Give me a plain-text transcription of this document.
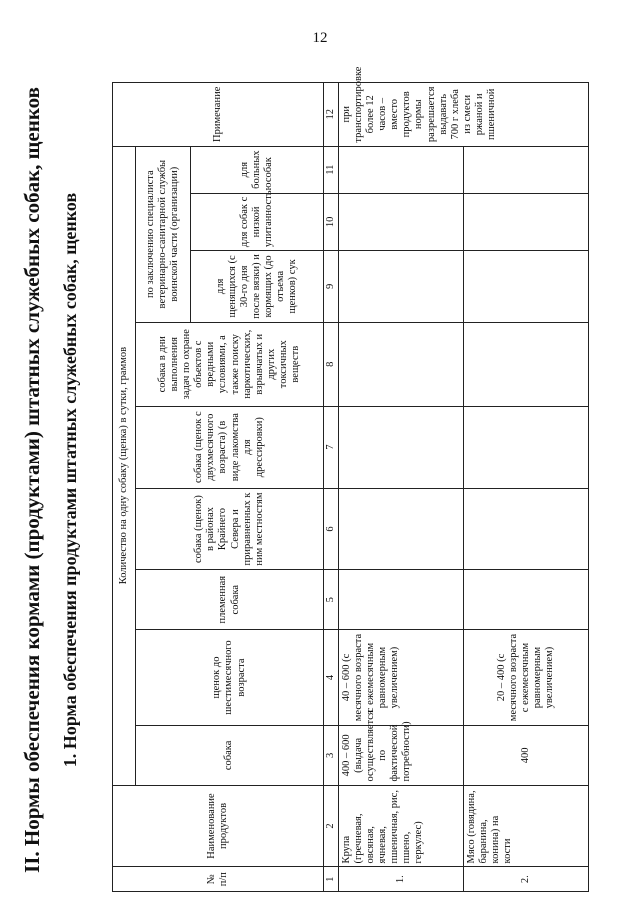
12
II. Нормы обеспечения кормами (продуктами) штатных служебных собак, щенков 1. Норма обеспечения продуктами штатных служебных собак, щенков
№ п/п	Наименование продуктов	Количество на одну собаку (щенка) в сутки, граммов									Примечание
		собака	щенок до шестимесячного возраста	племенная собака	собака (щенок) в районах Крайнего Севера и приравненных к ним местностям	собака (щенок с двухмесячного возраста) (в виде лакомства для дрессировки)	собака в дни выполнения задач по охране объектов с вредными условиями, а также поиску наркотических, взрывчатых и других токсичных веществ	по заключению специалиста ветеринарно-санитарной службы воинской части (организации)			
								для щенящихся (с 30-го дня после вязки) и кормящих (до отъема щенков) сук	для собак с низкой упитанностью	для больных собак	
1	2	3	4	5	6	7	8	9	10	11	12
1.	Крупа (гречневая, овсяная, ячневая, пшеничная, рис, пшено, геркулес)	400 – 600 (выдача осуществляется по фактической потребности)	40 – 600 (с месячного возраста с ежемесячным равномерным увеличением)								при транспортировке более 12 часов – вместо продуктов нормы разрешается выдавать 700 г хлеба из смеси ржаной и пшеничной
2.	Мясо (говядина, баранина, конина) на кости	400	20 – 400 (с месячного возраста с ежемесячным равномерным увеличением)								
